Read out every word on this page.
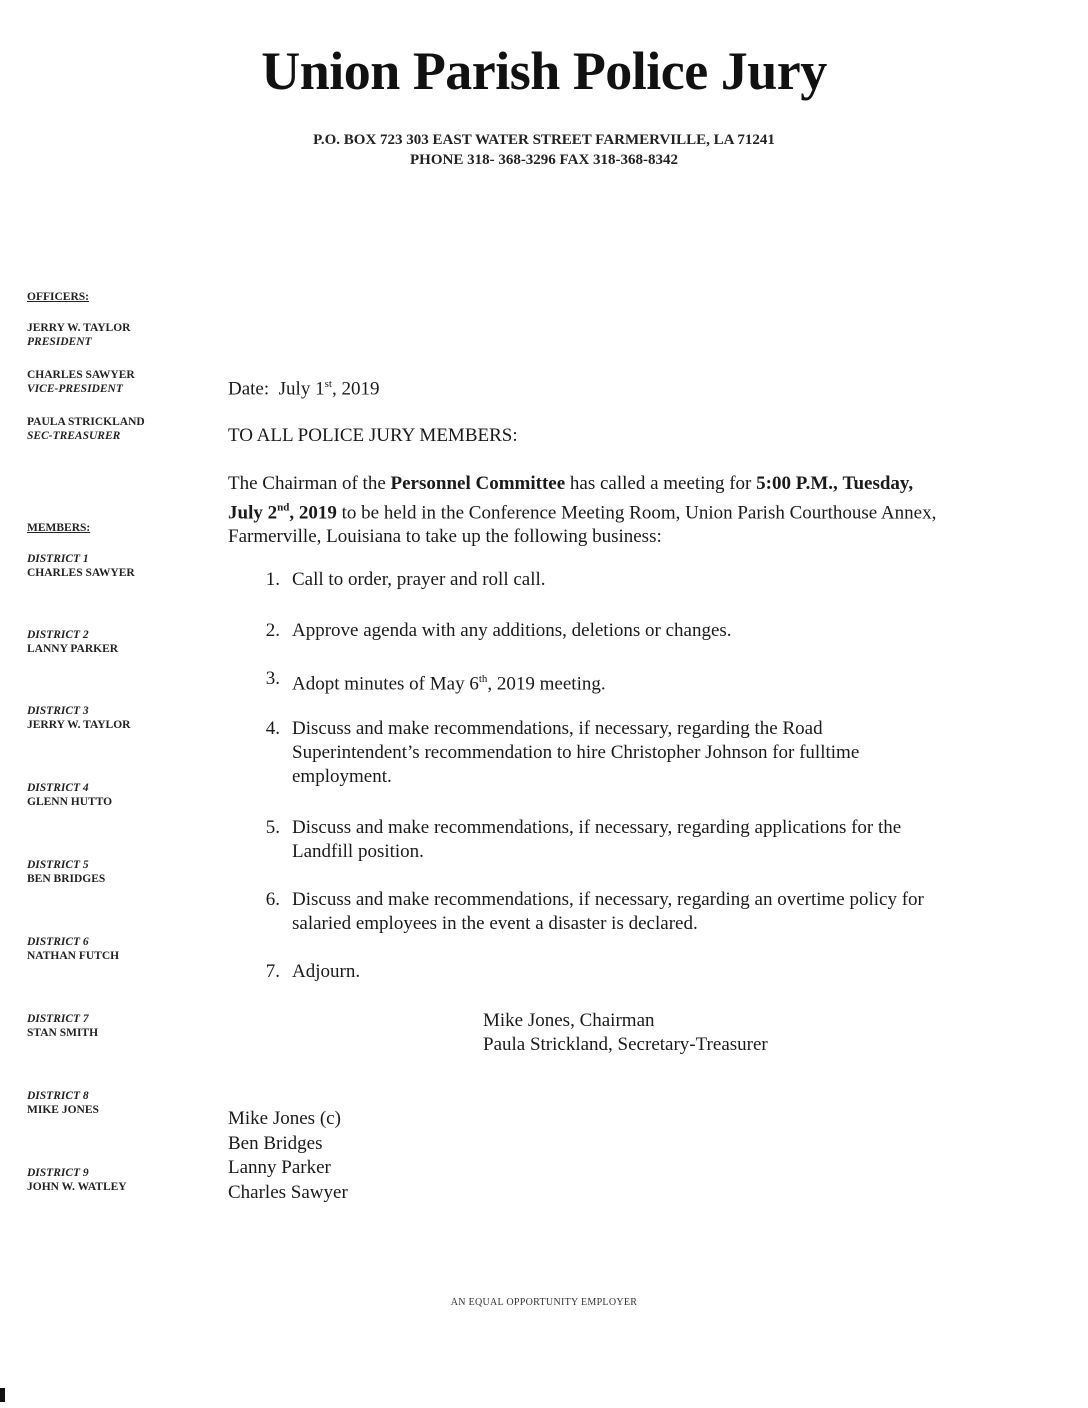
Union Parish Police Jury
P.O. BOX 723 303 EAST WATER STREET FARMERVILLE, LA 71241
PHONE 318- 368-3296 FAX 318-368-8342
OFFICERS:
JERRY W. TAYLOR
PRESIDENT
CHARLES SAWYER
VICE-PRESIDENT
PAULA STRICKLAND
SEC-TREASURER
MEMBERS:
DISTRICT 1
CHARLES SAWYER
DISTRICT 2
LANNY PARKER
DISTRICT 3
JERRY W. TAYLOR
DISTRICT 4
GLENN HUTTO
DISTRICT 5
BEN BRIDGES
DISTRICT 6
NATHAN FUTCH
DISTRICT 7
STAN SMITH
DISTRICT 8
MIKE JONES
DISTRICT 9
JOHN W. WATLEY
Date: July 1st, 2019
TO ALL POLICE JURY MEMBERS:
The Chairman of the Personnel Committee has called a meeting for 5:00 P.M., Tuesday, July 2nd, 2019 to be held in the Conference Meeting Room, Union Parish Courthouse Annex, Farmerville, Louisiana to take up the following business:
1. Call to order, prayer and roll call.
2. Approve agenda with any additions, deletions or changes.
3. Adopt minutes of May 6th, 2019 meeting.
4. Discuss and make recommendations, if necessary, regarding the Road Superintendent’s recommendation to hire Christopher Johnson for fulltime employment.
5. Discuss and make recommendations, if necessary, regarding applications for the Landfill position.
6. Discuss and make recommendations, if necessary, regarding an overtime policy for salaried employees in the event a disaster is declared.
7. Adjourn.
Mike Jones, Chairman
Paula Strickland, Secretary-Treasurer
Mike Jones (c)
Ben Bridges
Lanny Parker
Charles Sawyer
AN EQUAL OPPORTUNITY EMPLOYER
